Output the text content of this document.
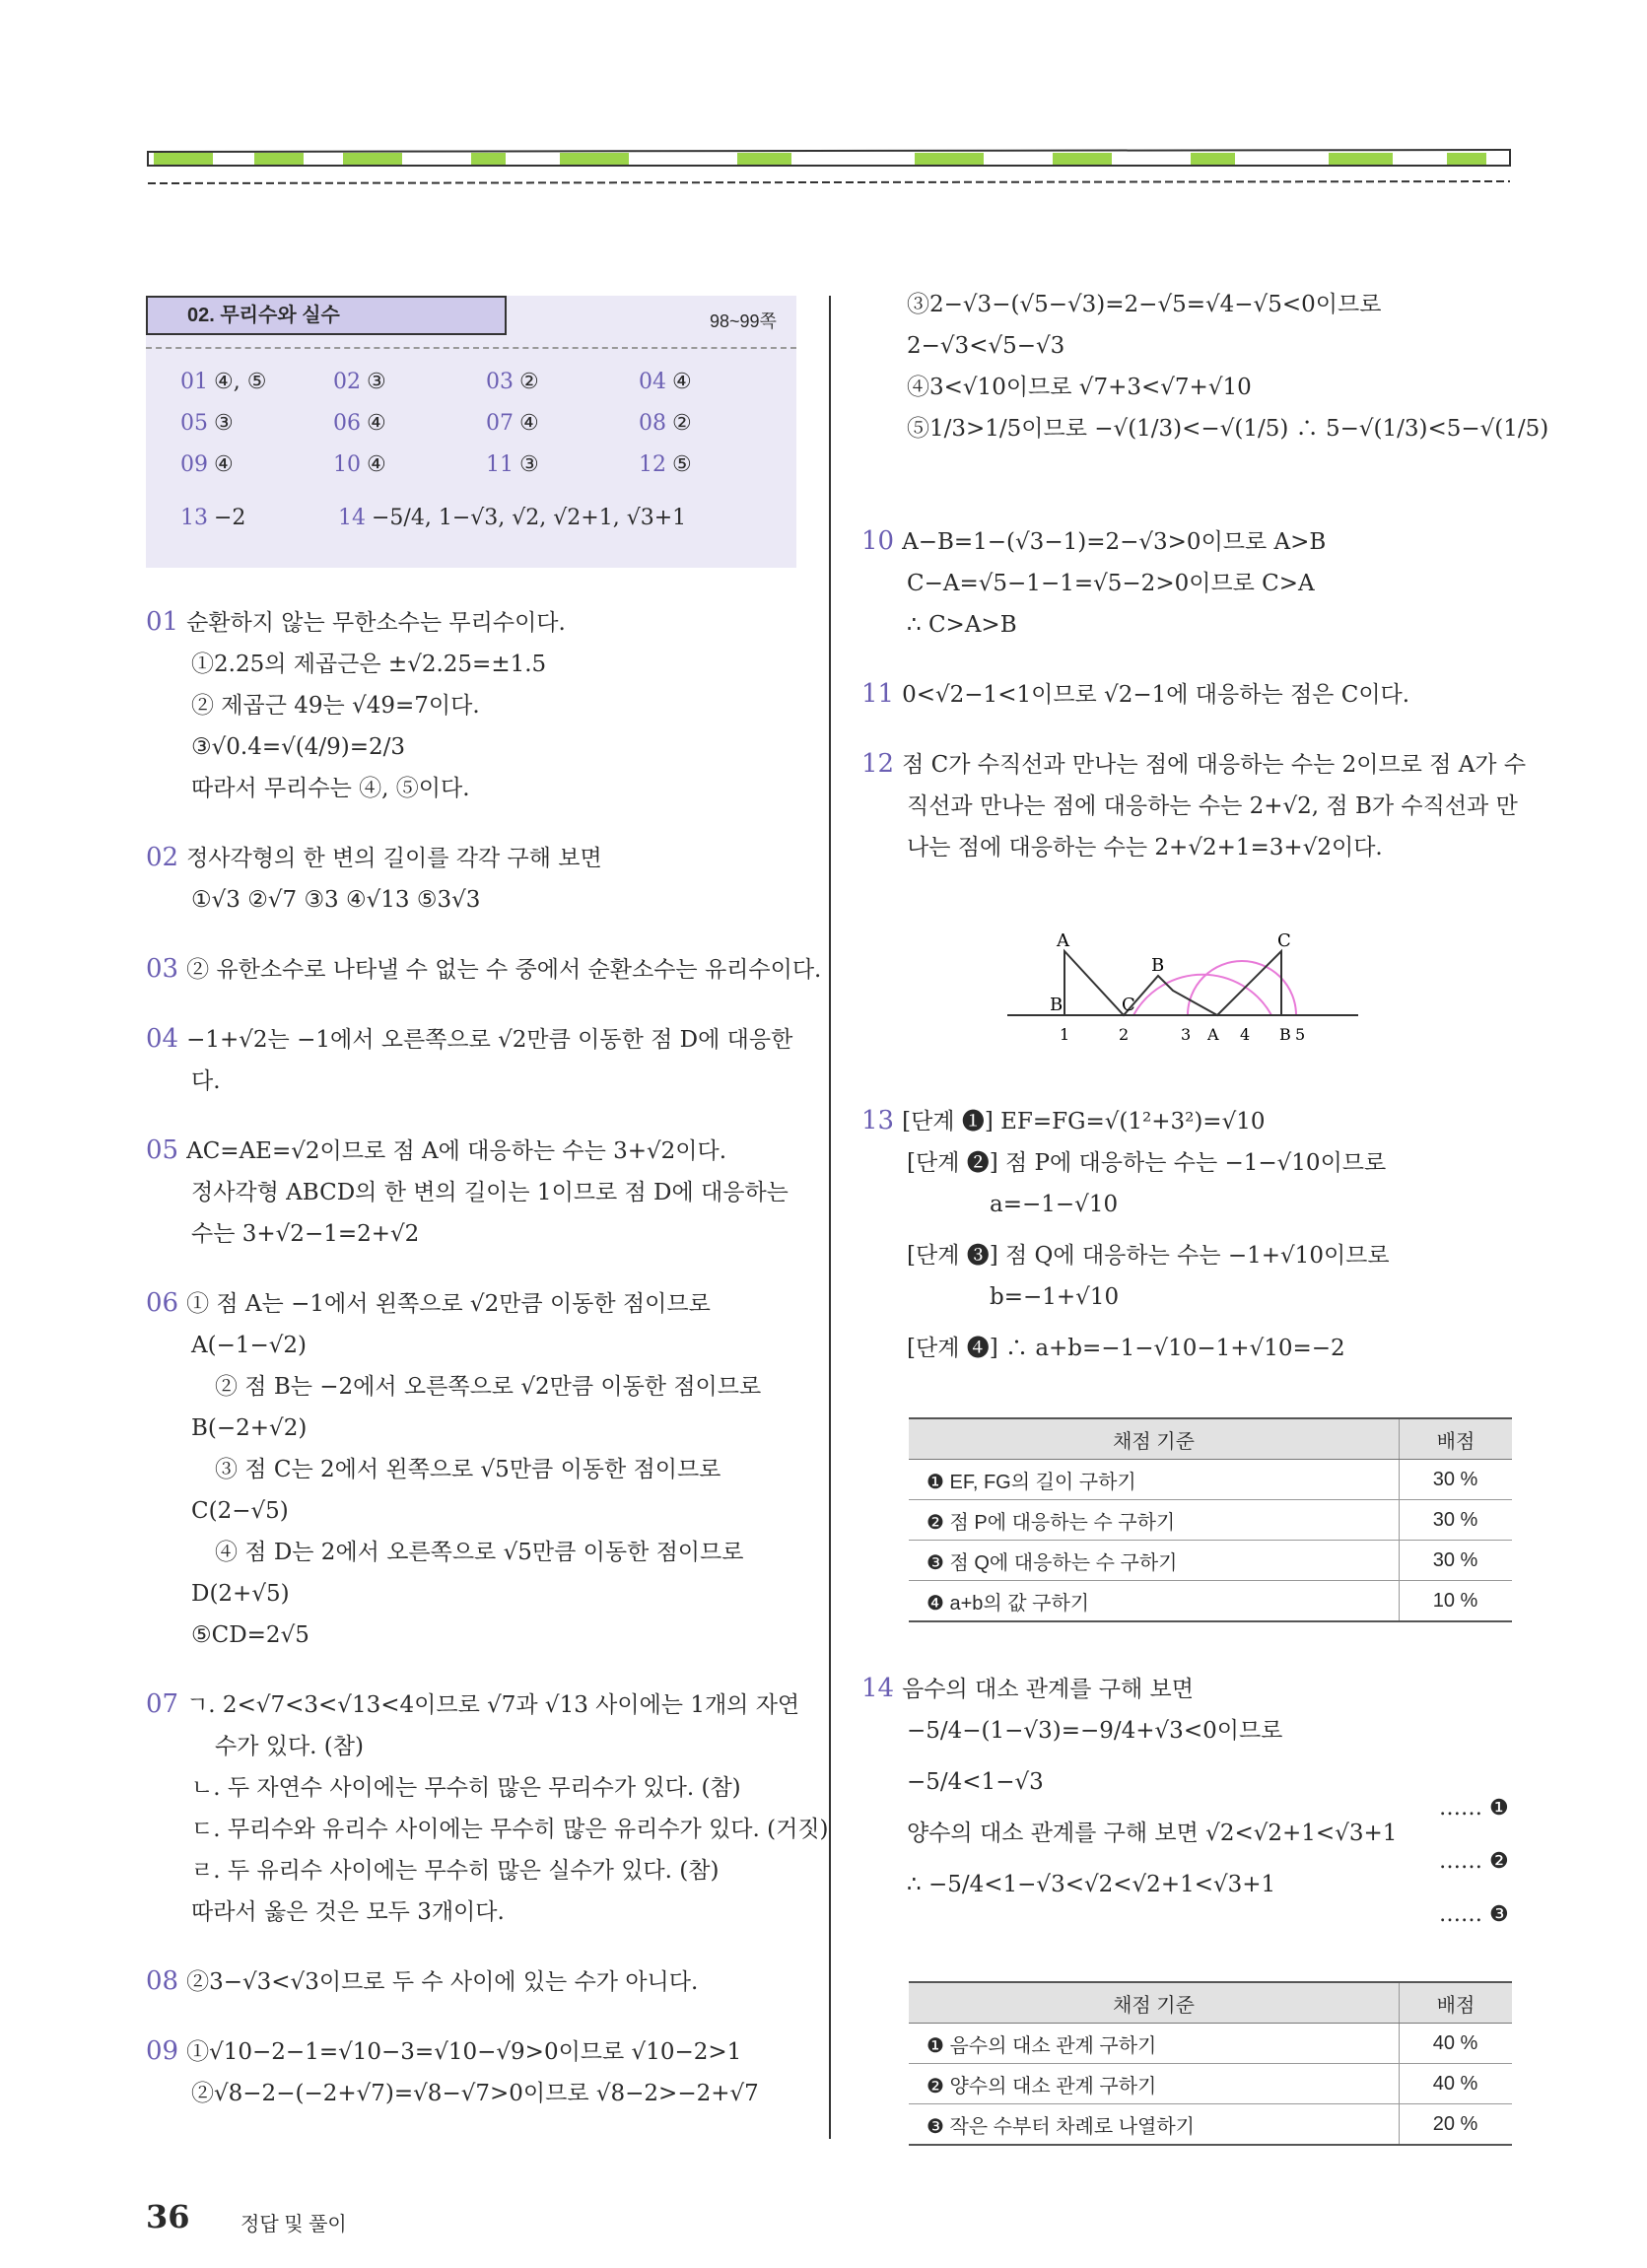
02. 무리수와 실수	98~99쪽
01 ④, ⑤	02 ③	03 ②	04 ④
05 ③	06 ④	07 ④	08 ②
09 ④	10 ④	11 ③	12 ⑤
13 −2	14 −5/4, 1−√3, √2, √2+1, √3+1
01 순환하지 않는 무한소수는 무리수이다.
①2.25의 제곱근은 ±√2.25=±1.5
② 제곱근 49는 √49=7이다.
③√0.4̇=√(4/9)=2/3
따라서 무리수는 ④, ⑤이다.
02 정사각형의 한 변의 길이를 각각 구해 보면
①√3 ②√7 ③3 ④√13 ⑤3√3
03 ② 유한소수로 나타낼 수 없는 수 중에서 순환소수는 유리수이다.
04 −1+√2는 −1에서 오른쪽으로 √2만큼 이동한 점 D에 대응한
다.
05 AC=AE=√2이므로 점 A에 대응하는 수는 3+√2이다.
정사각형 ABCD의 한 변의 길이는 1이므로 점 D에 대응하는
수는 3+√2−1=2+√2
06 ① 점 A는 −1에서 왼쪽으로 √2만큼 이동한 점이므로
A(−1−√2)
② 점 B는 −2에서 오른쪽으로 √2만큼 이동한 점이므로
B(−2+√2)
③ 점 C는 2에서 왼쪽으로 √5만큼 이동한 점이므로
C(2−√5)
④ 점 D는 2에서 오른쪽으로 √5만큼 이동한 점이므로
D(2+√5)
⑤CD=2√5
07 ㄱ. 2<√7<3<√13<4이므로 √7과 √13 사이에는 1개의 자연
수가 있다. (참)
ㄴ. 두 자연수 사이에는 무수히 많은 무리수가 있다. (참)
ㄷ. 무리수와 유리수 사이에는 무수히 많은 유리수가 있다. (거짓)
ㄹ. 두 유리수 사이에는 무수히 많은 실수가 있다. (참)
따라서 옳은 것은 모두 3개이다.
08 ②3−√3<√3이므로 두 수 사이에 있는 수가 아니다.
09 ①√10−2−1=√10−3=√10−√9>0이므로 √10−2>1
②√8−2−(−2+√7)=√8−√7>0이므로 √8−2>−2+√7
③2−√3−(√5−√3)=2−√5=√4−√5<0이므로
2−√3<√5−√3
④3<√10이므로 √7+3<√7+√10
⑤1/3>1/5이므로 −√(1/3)<−√(1/5) ∴ 5−√(1/3)<5−√(1/5)
10 A−B=1−(√3−1)=2−√3>0이므로 A>B
C−A=√5−1−1=√5−2>0이므로 C>A
∴ C>A>B
11 0<√2−1<1이므로 √2−1에 대응하는 점은 C이다.
12 점 C가 수직선과 만나는 점에 대응하는 수는 2이므로 점 A가 수
직선과 만나는 점에 대응하는 수는 2+√2, 점 B가 수직선과 만
나는 점에 대응하는 수는 2+√2+1=3+√2이다.
A
B
C
C
B
1	2	3 A 4 B 5
13 [단계 ❶] EF=FG=√(1²+3²)=√10
[단계 ❷] 점 P에 대응하는 수는 −1−√10이므로
a=−1−√10
[단계 ❸] 점 Q에 대응하는 수는 −1+√10이므로
b=−1+√10
[단계 ❹] ∴ a+b=−1−√10−1+√10=−2
채점 기준	배점
❶ EF, FG의 길이 구하기	30 %
❷ 점 P에 대응하는 수 구하기	30 %
❸ 점 Q에 대응하는 수 구하기	30 %
❹ a+b의 값 구하기	10 %
14 음수의 대소 관계를 구해 보면
−5/4−(1−√3)=−9/4+√3<0이므로
−5/4<1−√3
양수의 대소 관계를 구해 보면 √2<√2+1<√3+1
∴ −5/4<1−√3<√2<√2+1<√3+1
…… ❶
…… ❷
…… ❸
채점 기준	배점
❶ 음수의 대소 관계 구하기	40 %
❷ 양수의 대소 관계 구하기	40 %
❸ 작은 수부터 차례로 나열하기	20 %
36	정답 및 풀이
